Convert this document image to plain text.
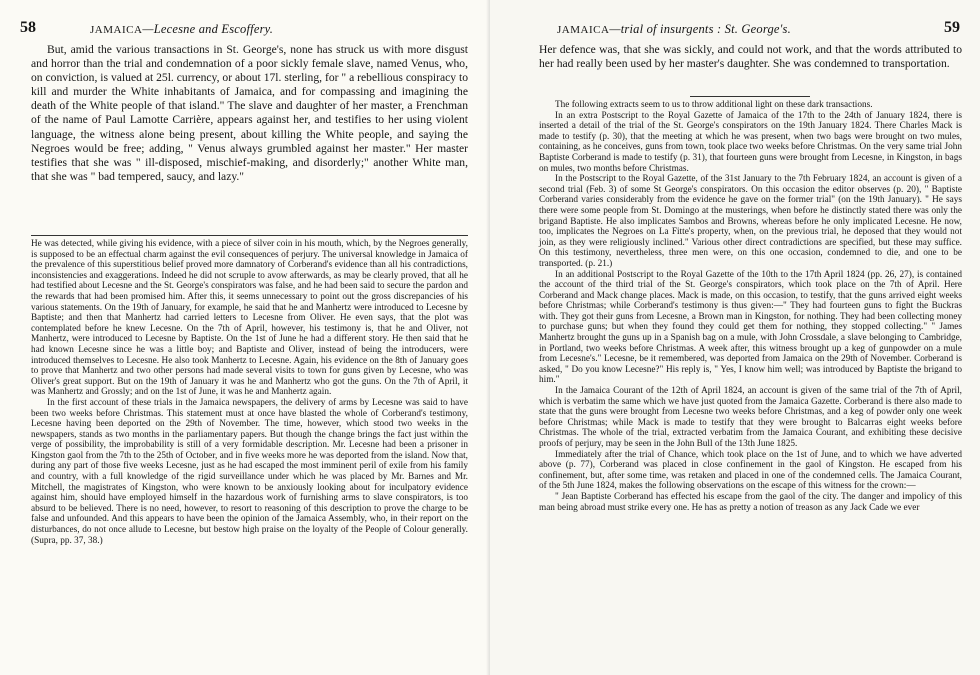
58	JAMAICA—Lecesne and Escoffery.

But, amid the various transactions in St. George's, none has struck us with more disgust and horror than the trial and condemnation of a poor sickly female slave, named Venus, who, on conviction, is valued at 25l. currency, or about 17l. sterling, for " a rebellious conspiracy to kill and murder the White inhabitants of Jamaica, and for compassing and imagining the death of the White people of that island." The slave and daughter of her master, a Frenchman of the name of Paul Lamotte Carrière, appears against her, and testifies to her using violent language, the witness alone being present, about killing the White people, and saying the Negroes would be free; adding, " Venus always grumbled against her master." Her master testifies that she was " ill-disposed, mischief-making, and disorderly;" another White man, that she was " bad tempered, saucy, and lazy."

He was detected, while giving his evidence, with a piece of silver coin in his mouth, which, by the Negroes generally, is supposed to be an effectual charm against the evil consequences of perjury. The universal knowledge in Jamaica of the prevalence of this superstitious belief proved more damnatory of Corberand's evidence than all his contradictions, inconsistencies and exaggerations. Indeed he did not scruple to avow afterwards, as may be clearly proved, that all he had testified about Lecesne and the St. George's conspirators was false, and he had been said to secure the pardon and the rewards that had been promised him. After this, it seems unnecessary to point out the gross discrepancies of his various statements. On the 19th of January, for example, he said that he and Manhertz were introduced to Lecesne by Baptiste; and then that Manhertz had carried letters to Lecesne from Oliver. He even says, that the plot was contemplated before he knew Lecesne. On the 7th of April, however, his testimony is, that he and Oliver, not Manhertz, were introduced to Lecesne by Baptiste. On the 1st of June he had a different story. He then said that he had known Lecesne since he was a little boy; and Baptiste and Oliver, instead of being the introducers, were introduced themselves to Lecesne. He also took Manhertz to Lecesne. Again, his evidence on the 8th of January goes to prove that Manhertz and two other persons had made several visits to town for guns given by Lecesne, who was Oliver's great support. But on the 19th of January it was he and Manhertz who got the guns. On the 7th of April, it was Manhertz and Grossly; and on the 1st of June, it was he and Manhertz again.

In the first account of these trials in the Jamaica newspapers, the delivery of arms by Lecesne was said to have been two weeks before Christmas. This statement must at once have blasted the whole of Corberand's testimony, Lecesne having been deported on the 29th of November. The time, however, which stood two weeks in the newspapers, stands as two months in the parliamentary papers. But though the change brings the fact just within the verge of possibility, the improbability is still of a very formidable description. Mr. Lecesne had been a prisoner in Kingston gaol from the 7th to the 25th of October, and in five weeks more he was deported from the island. Now that, during any part of those five weeks Lecesne, just as he had escaped the most imminent peril of exile from his family and country, with a full knowledge of the rigid surveillance under which he was placed by Mr. Barnes and Mr. Mitchell, the magistrates of Kingston, who were known to be anxiously looking about for inculpatory evidence against him, should have employed himself in the hazardous work of furnishing arms to slave conspirators, is too absurd to be believed. There is no need, however, to resort to reasoning of this description to prove the charge to be false and unfounded. And this appears to have been the opinion of the Jamaica Assembly, who, in their report on the disturbances, do not once allude to Lecesne, but bestow high praise on the loyalty of the People of Colour generally. (Supra, pp. 37, 38.)

JAMAICA—trial of insurgents : St. George's.	59

Her defence was, that she was sickly, and could not work, and that the words attributed to her had really been used by her master's daughter. She was condemned to transportation.

The following extracts seem to us to throw additional light on these dark transactions.

In an extra Postscript to the Royal Gazette of Jamaica of the 17th to the 24th of January 1824, there is inserted a detail of the trial of the St. George's conspirators on the 19th January 1824. There Charles Mack is made to testify (p. 30), that the meeting at which he was present, when two bags were brought on two mules, containing, as he conceives, guns from town, took place two weeks before Christmas. On the very same trial John Baptiste Corberand is made to testify (p. 31), that fourteen guns were brought from Lecesne, in Kingston, in bags on mules, two months before Christmas.

In the Postscript to the Royal Gazette, of the 31st January to the 7th February 1824, an account is given of a second trial (Feb. 3) of some St George's conspirators. On this occasion the editor observes (p. 20), " Baptiste Corberand varies considerably from the evidence he gave on the former trial" (on the 19th January). " He says there were some people from St. Domingo at the musterings, when before he distinctly stated there was only the brigand Baptiste. He also implicates Sambos and Browns, whereas before he only implicated Lecesne. He now, too, implicates the Negroes on La Fitte's property, when, on the previous trial, he deposed that they would not join, as they were religiously inclined." Various other direct contradictions are specified, but these may suffice. On this testimony, nevertheless, three men were, on this one occasion, condemned to die, and one to be transported. (p. 21.)

In an additional Postscript to the Royal Gazette of the 10th to the 17th April 1824 (pp. 26, 27), is contained the account of the third trial of the St. George's conspirators, which took place on the 7th of April. Here Corberand and Mack change places. Mack is made, on this occasion, to testify, that the guns arrived eight weeks before Christmas; while Corberand's testimony is thus given:—" They had fourteen guns to fight the Buckras with. They got their guns from Lecesne, a Brown man in Kingston, for nothing. They had been collecting money to purchase guns; but when they found they could get them for nothing, they stopped collecting." " James Manhertz brought the guns up in a Spanish bag on a mule, with John Crossdale, a slave belonging to Cambridge, in Portland, two weeks before Christmas. A week after, this witness brought up a keg of gunpowder on a mule from Lecesne's." Lecesne, be it remembered, was deported from Jamaica on the 29th of November. Corberand is asked, " Do you know Lecesne?" His reply is, " Yes, I know him well; was introduced by Baptiste the brigand to him."

In the Jamaica Courant of the 12th of April 1824, an account is given of the same trial of the 7th of April, which is verbatim the same which we have just quoted from the Jamaica Gazette. Corberand is there also made to state that the guns were brought from Lecesne two weeks before Christmas, and a keg of powder only one week before Christmas; while Mack is made to testify that they were brought to Balcarras eight weeks before Christmas. The whole of the trial, extracted verbatim from the Jamaica Courant, and exhibiting these decisive proofs of perjury, may be seen in the John Bull of the 13th June 1825.

Immediately after the trial of Chance, which took place on the 1st of June, and to which we have adverted above (p. 77), Corberand was placed in close confinement in the gaol of Kingston. He escaped from his confinement, but, after some time, was retaken and placed in one of the condemned cells. The Jamaica Courant, of the 5th June 1824, makes the following observations on the escape of this witness for the crown:—

" Jean Baptiste Corberand has effected his escape from the gaol of the city. The danger and impolicy of this man being abroad must strike every one. He has as pretty a notion of treason as any Jack Cade we ever
